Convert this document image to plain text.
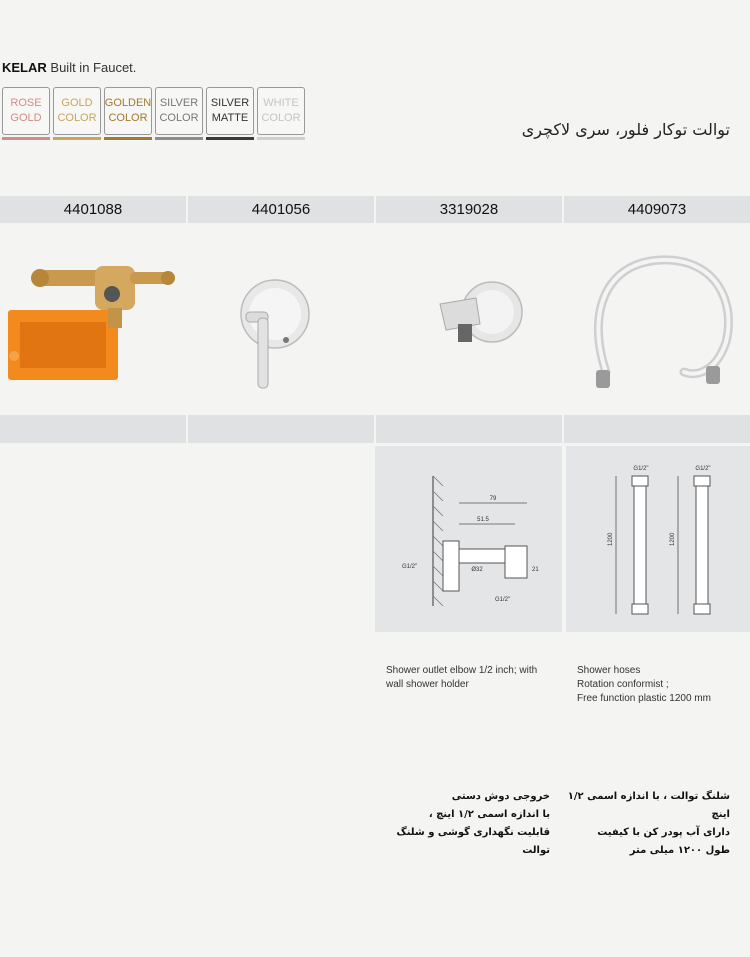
KELAR Built in Faucet.
ROSE
GOLD
GOLD
COLOR
GOLDEN
COLOR
SILVER
COLOR
SILVER
MATTE
WHITE
COLOR
توالت توکار فلور، سری لاکچری
4401088	4401056	3319028	4409073
79
51.5
Ø32	21
G1/2"
G1/2"
G1/2"
1200
G1/2"
1200
Shower outlet elbow 1/2 inch; with
wall shower holder
Shower hoses
Rotation conformist ;
Free function plastic 1200 mm
خروجی دوش دستی
با اندازه اسمی ۱/۲ اینچ ،
قابلیت نگهداری گوشی و شلنگ توالت
شلنگ توالت ، با اندازه اسمی ۱/۲ اینچ
دارای آب پودر کن با کیفیت
طول ۱۲۰۰ میلی متر
